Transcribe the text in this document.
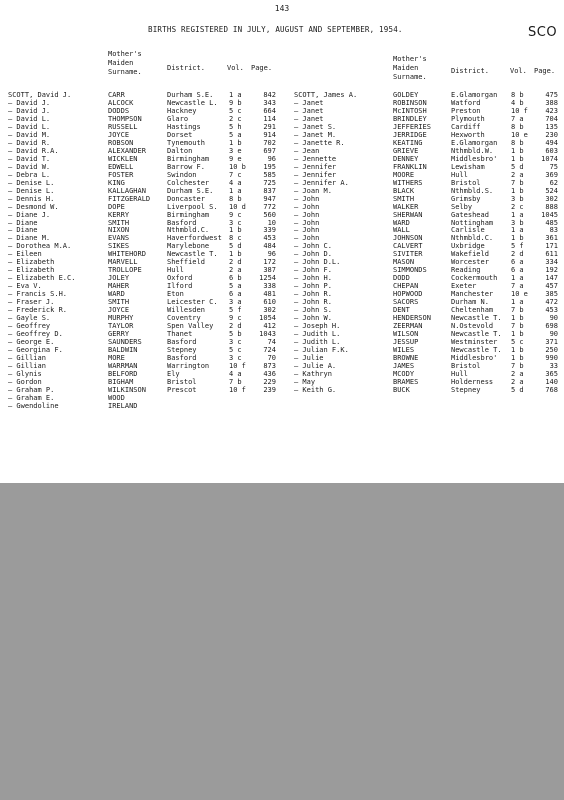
143
BIRTHS REGISTERED IN JULY, AUGUST AND SEPTEMBER, 1954.	SCO
Mother's
Maiden
Surname.	District.	Vol. Page.
Mother's
Maiden
Surname.
District.	Vol. Page.
SCOTT, David J.	CARR	Durham S.E.	1 a	842	SCOTT, James A.	GOLDEY	E.Glamorgan	8 b	475
— David J.	ALCOCK	Newcastle L.	9 b	343	— Janet	ROBINSON	Watford	4 b	388
— David J.	DODDS	Hackney	5 c	664	— Janet	McINTOSH	Preston	10 f	423
— David L.	THOMPSON	Glaro	2 c	114	— Janet	BRINDLEY	Plymouth	7 a	704
— David L.	RUSSELL	Hastings	5 h	291	— Janet S.	JEFFERIES	Cardiff	8 b	135
— David M.	JOYCE	Dorset	5 a	914	— Janet M.	JERRIDGE	Hexworth	10 e	230
— David R.	ROBSON	Tynemouth	1 b	702	— Janette R.	KEATING	E.Glamorgan	8 b	494
— David R.A.	ALEXANDER	Dalton	3 e	697	— Jean	GRIEVE	Nthmbld.W.	1 b	603
— David T.	WICKLEN	Birmingham	9 e	96	— Jennette	DENNEY	Middlesbro'	1 b	1074
— David W.	EDWELL	Barrow F.	10 b	195	— Jennifer	FRANKLIN	Lewisham	5 d	75
— Debra L.	FOSTER	Swindon	7 c	585	— Jennifer	MOORE	Hull	2 a	369
— Denise L.	KING	Colchester	4 a	725	— Jennifer A.	WITHERS	Bristol	7 b	62
— Denise L.	KALLAGHAN	Durham S.E.	1 a	837	— Joan M.	BLACK	Nthmbld.S.	1 b	524
— Dennis H.	FITZGERALD	Doncaster	8 b	947	— John	SMITH	Grimsby	3 b	302
— Desmond W.	DOPE	Liverpool S.	10 d	772	— John	WALKER	Selby	2 c	888
— Diane J.	KERRY	Birmingham	9 c	560	— John	SHERWAN	Gateshead	1 a	1045
— Diane	SMITH	Basford	3 c	10	— John	WARD	Nottingham	3 b	485
— Diane	NIXON	Nthmbld.C.	1 b	339	— John	WALL	Carlisle	1 a	83
— Diane M.	EVANS	Haverfordwest	8 c	453	— John	JOHNSON	Nthmbld.C.	1 b	361
— Dorothea M.A.	SIKES	Marylebone	5 d	484	— John C.	CALVERT	Uxbridge	5 f	171
— Eileen	WHITEHORD	Newcastle T.	1 b	96	— John D.	SIVITER	Wakefield	2 d	611
— Elizabeth	MARVELL	Sheffield	2 d	172	— John D.L.	MASON	Worcester	6 a	334
— Elizabeth	TROLLOPE	Hull	2 a	387	— John F.	SIMMONDS	Reading	6 a	192
— Elizabeth E.C.	JOLEY	Oxford	6 b	1254	— John H.	DODD	Cockermouth	1 a	147
— Eva V.	MAHER	Ilford	5 a	338	— John P.	CHEPAN	Exeter	7 a	457
— Francis S.H.	WARD	Eton	6 a	481	— John R.	HOPWOOD	Manchester	10 e	385
— Fraser J.	SMITH	Leicester C.	3 a	610	— John R.	SACORS	Durham N.	1 a	472
— Frederick R.	JOYCE	Willesden	5 f	302	— John S.	DENT	Cheltenham	7 b	453
— Gayle S.	MURPHY	Coventry	9 c	1054	— John W.	HENDERSON	Newcastle T.	1 b	90
— Geoffrey	TAYLOR	Spen Valley	2 d	412	— Joseph H.	ZEERMAN	N.Ostevold	7 b	698
— Geoffrey D.	GERRY	Thanet	5 b	1043	— Judith L.	WILSON	Newcastle T.	1 b	90
— George E.	SAUNDERS	Basford	3 c	74	— Judith L.	JESSUP	Westminster	5 c	371
— Georgina F.	BALDWIN	Stepney	5 c	724	— Julian F.K.	WILES	Newcastle T.	1 b	250
— Gillian	MORE	Basford	3 c	70	— Julie	BROWNE	Middlesbro'	1 b	990
— Gillian	WARRMAN	Warrington	10 f	873	— Julie A.	JAMES	Bristol	7 b	33
— Glynis	BELFORD	Ely	4 a	436	— Kathryn	MCODY	Hull	2 a	365
— Gordon	BIGHAM	Bristol	7 b	229	— May	BRAMES	Holderness	2 a	140
— Graham P.	WILKINSON	Prescot	10 f	239	— Keith G.	BUCK	Stepney	5 d	768
— Graham E.	WOOD
— Gwendoline	IRELAND
